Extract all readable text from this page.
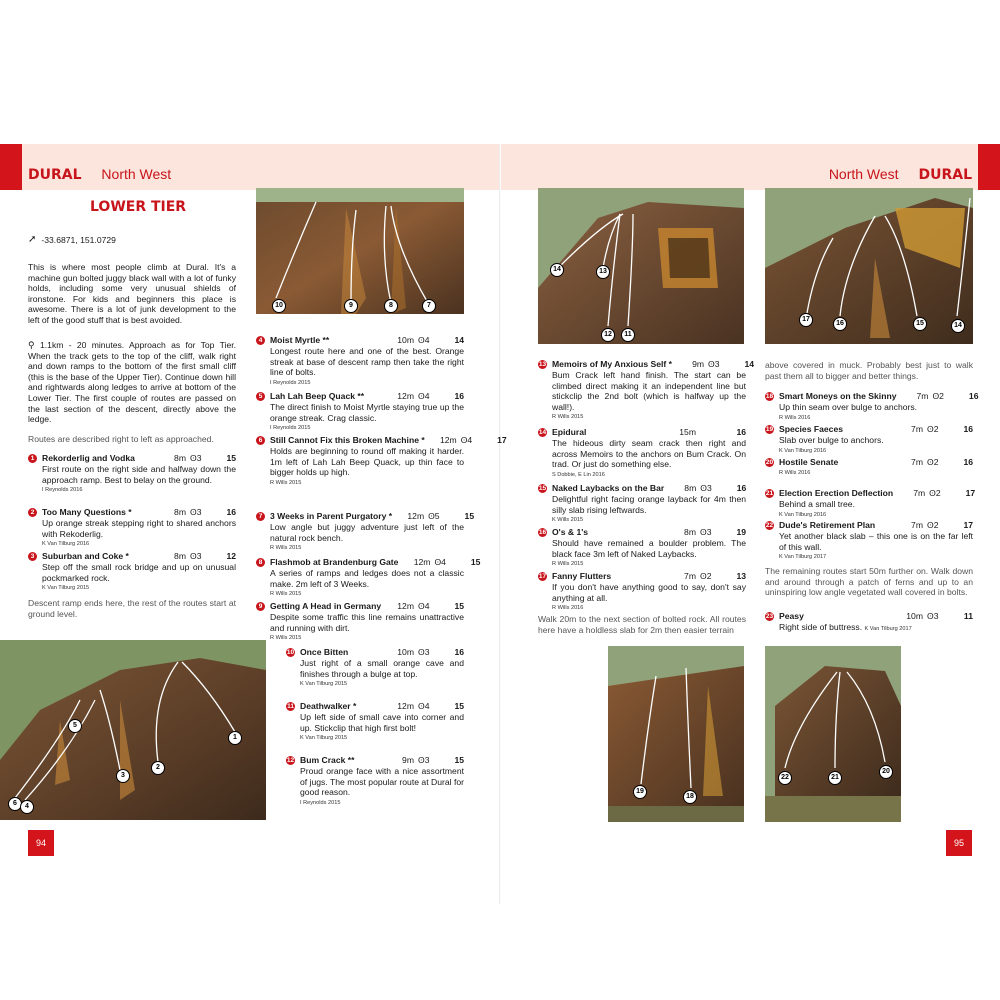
DURAL North West	North West DURAL
LOWER TIER
➚ -33.6871, 151.0729
This is where most people climb at Dural. It's a machine gun bolted juggy black wall with a lot of funky holds, including some very unusual shields of ironstone. For kids and beginners this place is awesome. There is a lot of junk development to the left of the good stuff that is best avoided.
⚲ 1.1km - 20 minutes. Approach as for Top Tier. When the track gets to the top of the cliff, walk right and down ramps to the bottom of the first small cliff (this is the base of the Upper Tier). Continue down hill and rightwards along ledges to arrive at bottom of the Lower Tier. The first couple of routes are passed on the last section of the descent, directly above the ledge.
Routes are described right to left as approached.
1 Rekorderlig and Vodka	8m ʘ3	15
First route on the right side and halfway down the approach ramp. Best to belay on the ground.
I Reynolds 2016
2 Too Many Questions *	8m ʘ3	16
Up orange streak stepping right to shared anchors with Rekoderlig.
K Van Tilburg 2016
3 Suburban and Coke *	8m ʘ3	12
Step off the small rock bridge and up on unusual pockmarked rock.
K Van Tilburg 2015
Descent ramp ends here, the rest of the routes start at ground level.
10	9	8	7
6
5
4
3
2
1
4 Moist Myrtle **	10m ʘ4	14
Longest route here and one of the best. Orange streak at base of descent ramp then take the right line of bolts.
I Reynolds 2015
5 Lah Lah Beep Quack **	12m ʘ4	16
The direct finish to Moist Myrtle staying true up the orange streak. Crag classic.
I Reynolds 2015
6 Still Cannot Fix this Broken Machine *	12m ʘ4	17
Holds are beginning to round off making it harder. 1m left of Lah Lah Beep Quack, up thin face to bigger holds up high.
R Wills 2015
7 3 Weeks in Parent Purgatory *	12m ʘ5	15
Low angle but juggy adventure just left of the natural rock bench.
R Wills 2015
8 Flashmob at Brandenburg Gate	12m ʘ4	15
A series of ramps and ledges does not a classic make. 2m left of 3 Weeks.
R Wills 2015
9 Getting A Head in Germany	12m ʘ4	15
Despite some traffic this line remains unattractive and running with dirt.
R Wills 2015
10 Once Bitten	10m ʘ3	16
Just right of a small orange cave and finishes through a bulge at top.
K Van Tilburg 2015
11 Deathwalker *	12m ʘ4	15
Up left side of small cave into corner and up. Stickclip that high first bolt!
K Van Tilburg 2015
12 Bum Crack **	9m ʘ3	15
Proud orange face with a nice assortment of jugs. The most popular route at Dural for good reason.
I Reynolds 2015
14	13
12	11
17
16	15	14
19
18
22	21
20
13 Memoirs of My Anxious Self *	9m ʘ3	14
Bum Crack left hand finish. The start can be climbed direct making it an independent line but stickclip the 2nd bolt (which is halfway up the wall!).
R Wills 2015
14 Epidural	15m	16
The hideous dirty seam crack then right and across Memoirs to the anchors on Bum Crack. On trad. Or just do something else.
S Dobbie, E Lin 2016
15 Naked Laybacks on the Bar	8m ʘ3	16
Delightful right facing orange layback for 4m then silly slab rising leftwards.
K Wills 2015
16 O's & 1's	8m ʘ3	19
Should have remained a boulder problem. The black face 3m left of Naked Laybacks.
R Wills 2015
17 Fanny Flutters	7m ʘ2	13
If you don't have anything good to say, don't say anything at all.
R Wills 2016
Walk 20m to the next section of bolted rock. All routes here have a holdless slab for 2m then easier terrain
above covered in muck. Probably best just to walk past them all to bigger and better things.
18 Smart Moneys on the Skinny	7m ʘ2	16
Up thin seam over bulge to anchors.
R Wills 2016
19 Species Faeces	7m ʘ2	16
Slab over bulge to anchors.
K Van Tilburg 2016
20 Hostile Senate	7m ʘ2	16
R Wills 2016
21 Election Erection Deflection	7m ʘ2	17
Behind a small tree.
K Van Tilburg 2016
22 Dude's Retirement Plan	7m ʘ2	17
Yet another black slab – this one is on the far left of this wall.
K Van Tilburg 2017
The remaining routes start 50m further on. Walk down and around through a patch of ferns and up to an uninspiring low angle vegetated wall covered in bolts.
23 Peasy	10m ʘ3	11
Right side of buttress. K Van Tilburg 2017
94	95
